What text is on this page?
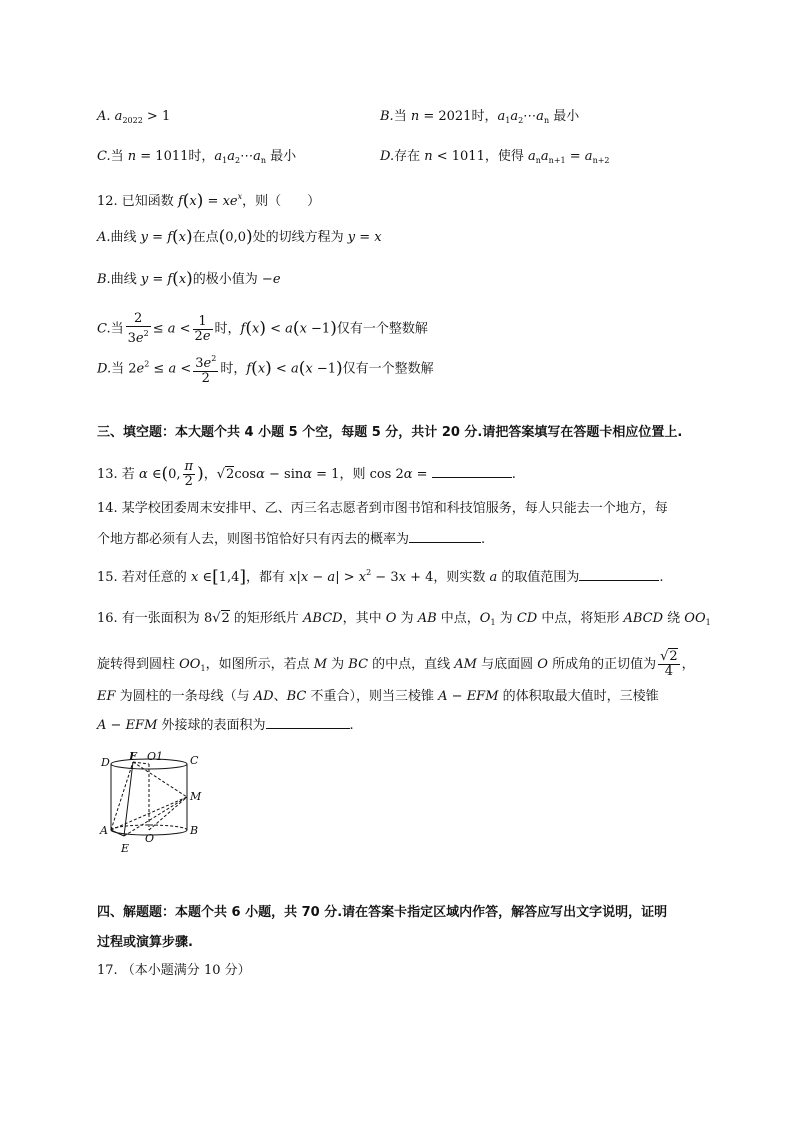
A. $a_{2022} > 1$	B.当 n = 2021时，$a_1a_2\cdots a_n$ 最小
C.当 n = 1011时，$a_1a_2\cdots a_n$ 最小	D.存在 n < 1011，使得 $a_na_{n+1} = a_{n+2}$
12. 已知函数 $f(x) = xe^x$，则（　　）
A.曲线 y = f(x)在点(0,0)处的切线方程为 y = x
B.曲线 y = f(x)的极小值为 −e
C.当 $\frac{2}{3e^2} \le a < \frac{1}{2e}$ 时，f(x) < a(x −1)仅有一个整数解
D.当 $2e^2 \le a < \frac{3e^2}{2}$ 时，f(x) < a(x −1)仅有一个整数解
三、填空题：本大题个共 4 小题 5 个空，每题 5 分，共计 20 分.请把答案填写在答题卡相应位置上.
13. 若 α ∈(0, $\frac{\pi}{2}$ )，√2cosα − sinα = 1，则 cos 2α =	.
14. 某学校团委周末安排甲、乙、丙三名志愿者到市图书馆和科技馆服务，每人只能去一个地方，每
个地方都必须有人去，则图书馆恰好只有丙去的概率为	.
15. 若对任意的 x ∈[1,4]，都有 $x|x - a| > x^2 - 3x + 4$，则实数 a 的取值范围为	.
16. 有一张面积为 8√2 的矩形纸片 ABCD，其中 O 为 AB 中点，$O_1$ 为 CD 中点，将矩形 ABCD 绕 $OO_1$
旋转得到圆柱 $OO_1$，如图所示，若点 M 为 BC 的中点，直线 AM 与底面圆 O 所成角的正切值为 $\frac{√2}{4}$ ，
EF 为圆柱的一条母线（与 AD、BC 不重合），则当三棱锥 A − EFM 的体积取最大值时，三棱锥
A − EFM 外接球的表面积为	.
D F O1 C
M
A
O
B
E
四、解题题：本题个共 6 小题，共 70 分.请在答案卡指定区域内作答，解答应写出文字说明，证明
过程或演算步骤.
17. （本小题满分 10 分）
